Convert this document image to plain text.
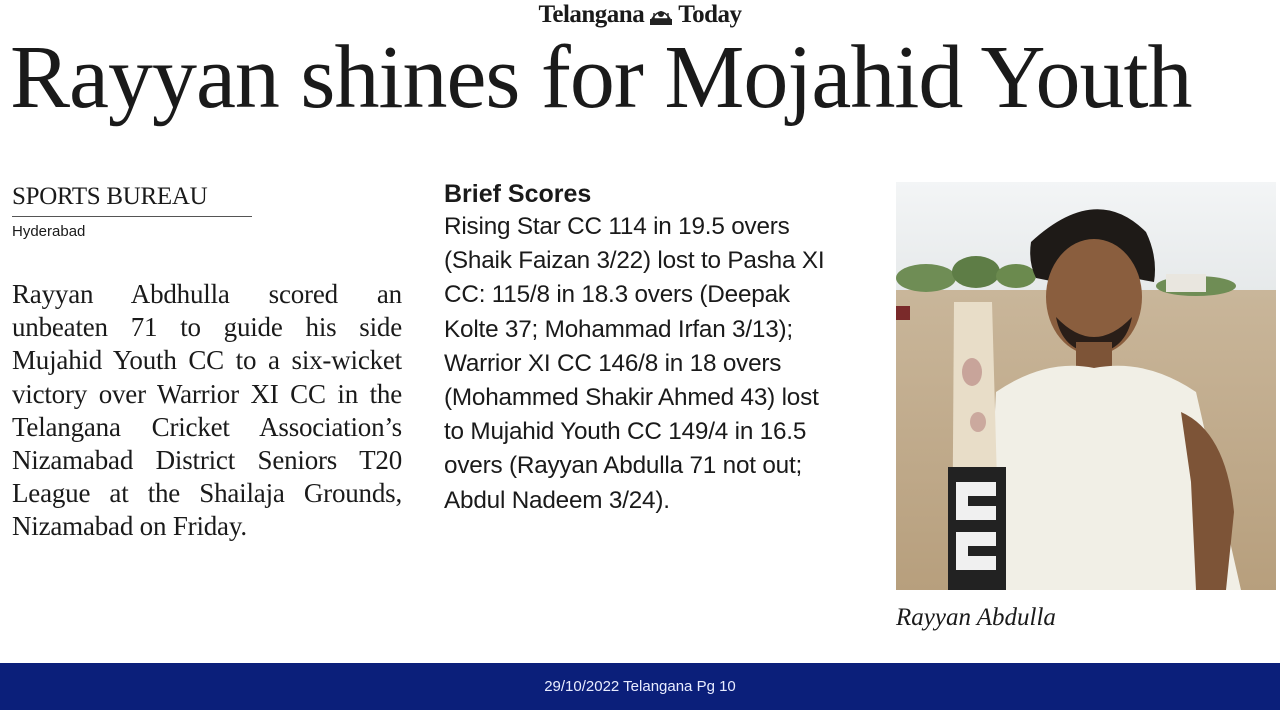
Telangana Today
Rayyan shines for Mojahid Youth
SPORTS BUREAU
Hyderabad
Rayyan Abdhulla scored an unbeaten 71 to guide his side Mujahid Youth CC to a six-wicket victory over Warrior XI CC in the Telangana Cricket Association’s Nizamabad District Seniors T20 League at the Shailaja Grounds, Nizamabad on Friday.
Brief Scores
Rising Star CC 114 in 19.5 overs (Shaik Faizan 3/22) lost to Pasha XI CC: 115/8 in 18.3 overs (Deepak Kolte 37; Mohammad Irfan 3/13); Warrior XI CC 146/8 in 18 overs (Mohammed Shakir Ahmed 43) lost to Mujahid Youth CC 149/4 in 16.5 overs (Rayyan Abdulla 71 not out; Abdul Nadeem 3/24).
Rayyan Abdulla
29/10/2022 Telangana Pg 10
